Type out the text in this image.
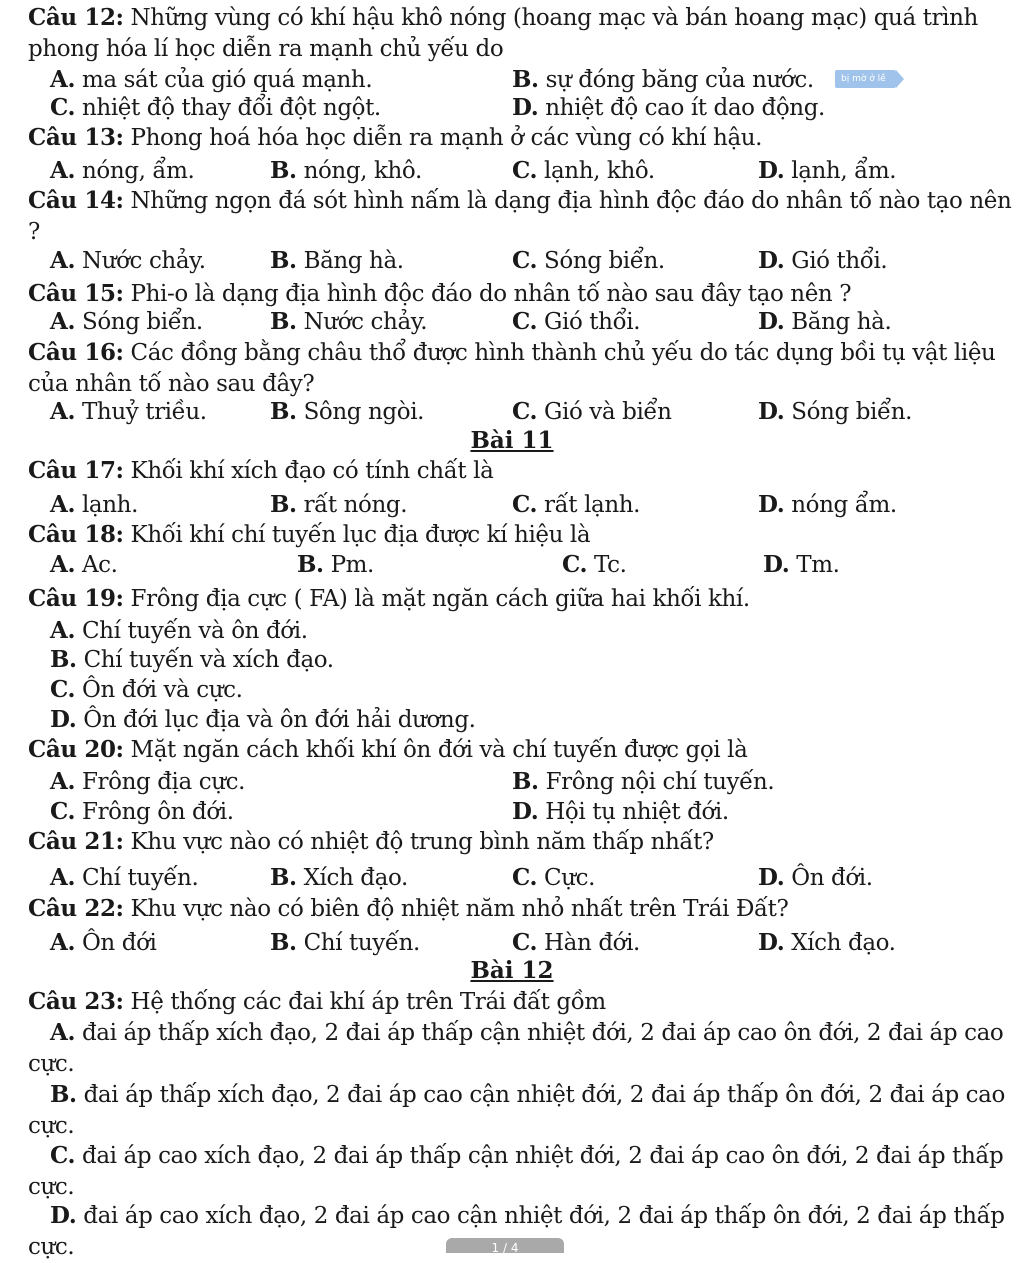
Câu 12: Những vùng có khí hậu khô nóng (hoang mạc và bán hoang mạc) quá trình phong hóa lí học diễn ra mạnh chủ yếu do
A. ma sát của gió quá mạnh.	B. sự đóng băng của nước.	bị mờ ở lề
C. nhiệt độ thay đổi đột ngột.	D. nhiệt độ cao ít dao động.
Câu 13: Phong hoá hóa học diễn ra mạnh ở các vùng có khí hậu.
A. nóng, ẩm.	B. nóng, khô.	C. lạnh, khô.	D. lạnh, ẩm.
Câu 14: Những ngọn đá sót hình nấm là dạng địa hình độc đáo do nhân tố nào tạo nên ?
A. Nước chảy.	B. Băng hà.	C. Sóng biển.	D. Gió thổi.
Câu 15: Phi-o là dạng địa hình độc đáo do nhân tố nào sau đây tạo nên ?
A. Sóng biển.	B. Nước chảy.	C. Gió thổi.	D. Băng hà.
Câu 16: Các đồng bằng châu thổ được hình thành chủ yếu do tác dụng bồi tụ vật liệu của nhân tố nào sau đây?
A. Thuỷ triều.	B. Sông ngòi.	C. Gió và biển	D. Sóng biển.
Bài 11
Câu 17: Khối khí xích đạo có tính chất là
A. lạnh.	B. rất nóng.	C. rất lạnh.	D. nóng ẩm.
Câu 18: Khối khí chí tuyến lục địa được kí hiệu là
A. Ac.	B. Pm.	C. Tc.	D. Tm.
Câu 19: Frông địa cực ( FA) là mặt ngăn cách giữa hai khối khí.
A. Chí tuyến và ôn đới.
B. Chí tuyến và xích đạo.
C. Ôn đới và cực.
D. Ôn đới lục địa và ôn đới hải dương.
Câu 20: Mặt ngăn cách khối khí ôn đới và chí tuyến được gọi là
A. Frông địa cực.	B. Frông nội chí tuyến.
C. Frông ôn đới.	D. Hội tụ nhiệt đới.
Câu 21: Khu vực nào có nhiệt độ trung bình năm thấp nhất?
A. Chí tuyến.	B. Xích đạo.	C. Cực.	D. Ôn đới.
Câu 22: Khu vực nào có biên độ nhiệt năm nhỏ nhất trên Trái Đất?
A. Ôn đới	B. Chí tuyến.	C. Hàn đới.	D. Xích đạo.
Bài 12
Câu 23: Hệ thống các đai khí áp trên Trái đất gồm
A. đai áp thấp xích đạo, 2 đai áp thấp cận nhiệt đới, 2 đai áp cao ôn đới, 2 đai áp cao cực.
B. đai áp thấp xích đạo, 2 đai áp cao cận nhiệt đới, 2 đai áp thấp ôn đới, 2 đai áp cao cực.
C. đai áp cao xích đạo, 2 đai áp thấp cận nhiệt đới, 2 đai áp cao ôn đới, 2 đai áp thấp cực.
D. đai áp cao xích đạo, 2 đai áp cao cận nhiệt đới, 2 đai áp thấp ôn đới, 2 đai áp thấp cực.	1 / 4
